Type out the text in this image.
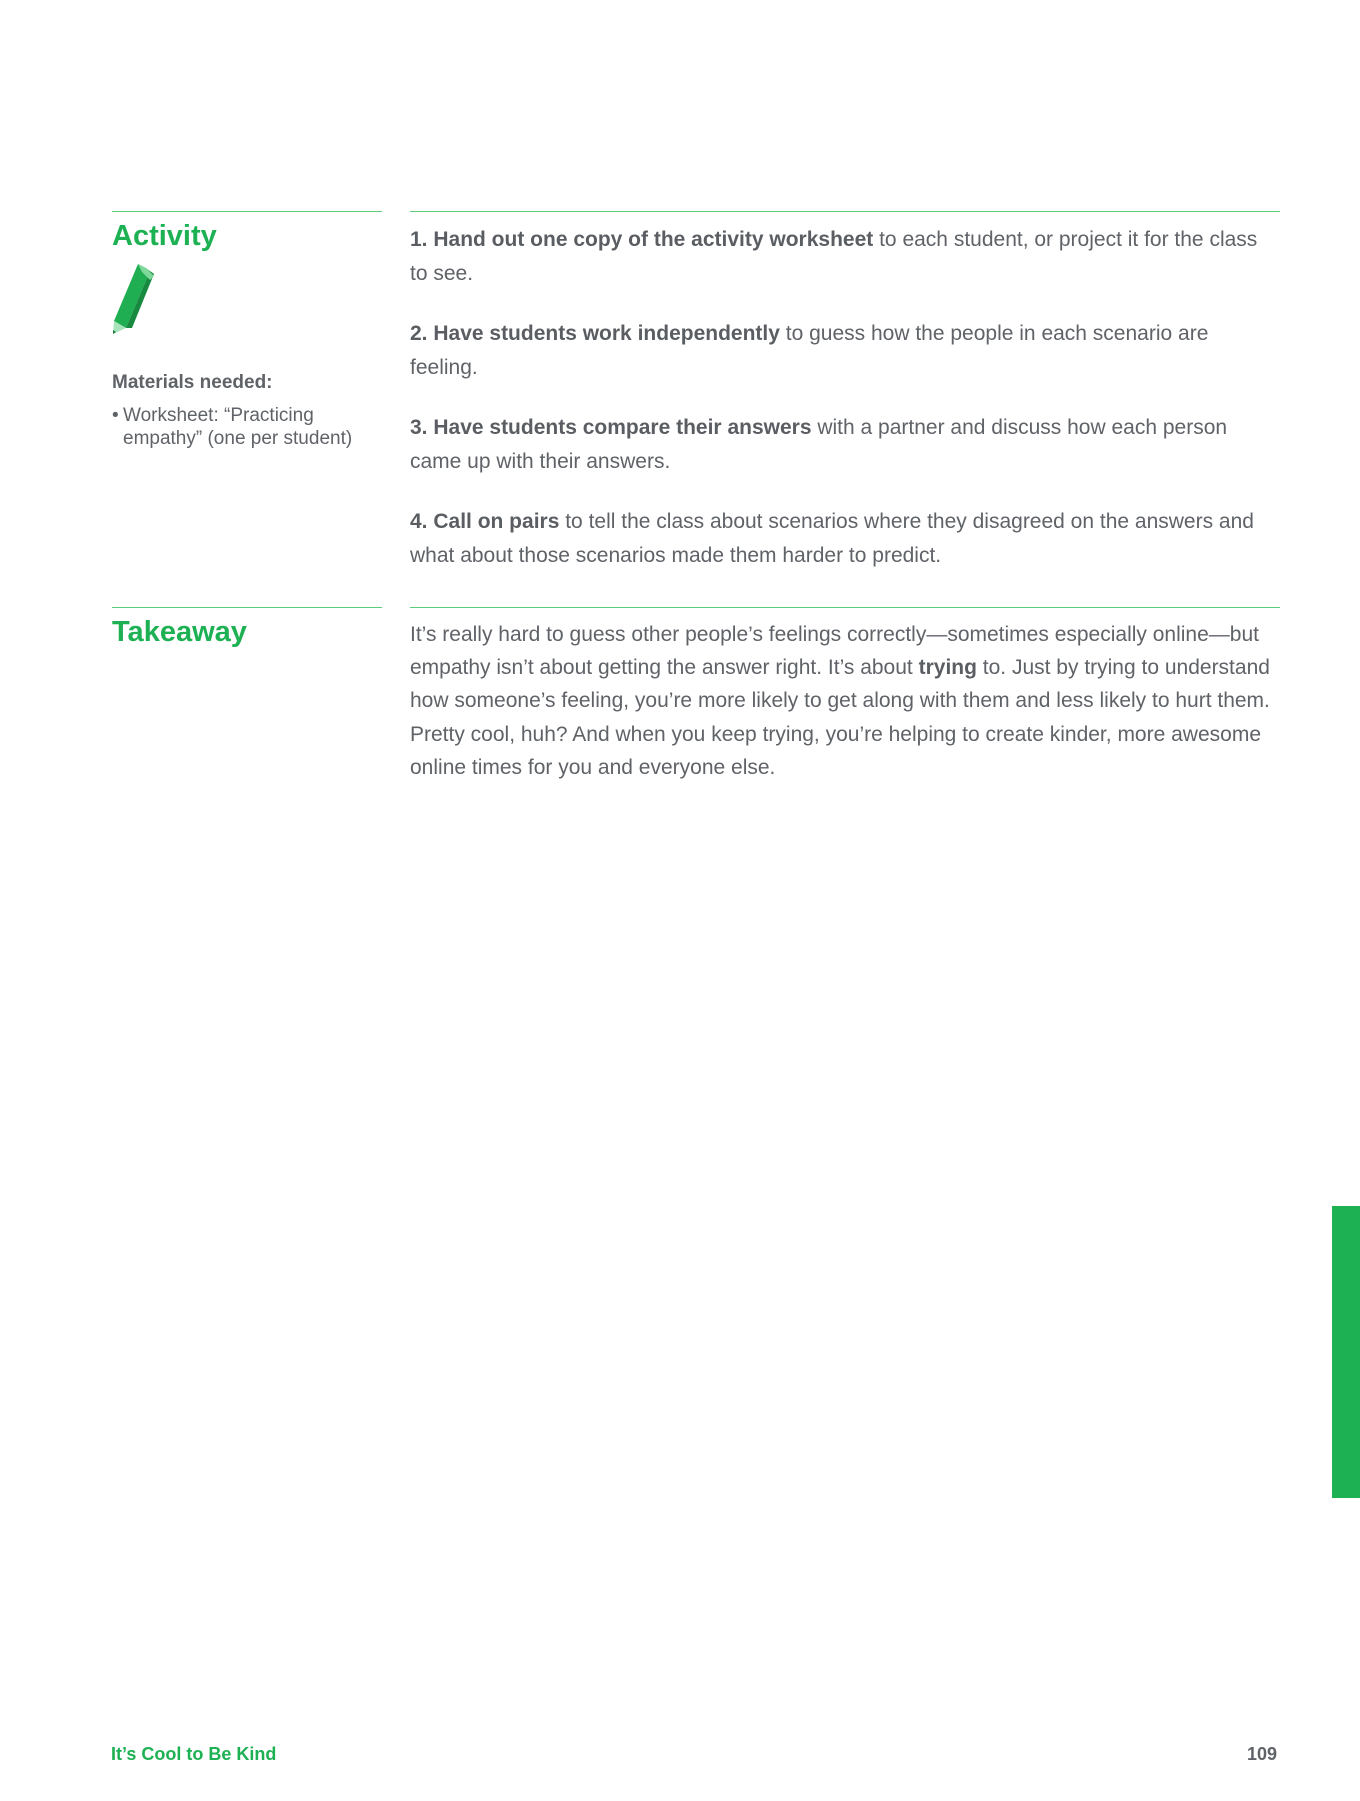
Activity

Materials needed:

• Worksheet: “Practicing empathy” (one per student)
1. Hand out one copy of the activity worksheet to each student, or project it for the class to see.
2. Have students work independently to guess how the people in each scenario are feeling.
3. Have students compare their answers with a partner and discuss how each person came up with their answers.
4. Call on pairs to tell the class about scenarios where they disagreed on the answers and what about those scenarios made them harder to predict.
Takeaway	It’s really hard to guess other people’s feelings correctly—sometimes especially online—but empathy isn’t about getting the answer right. It’s about trying to. Just by trying to understand how someone’s feeling, you’re more likely to get along with them and less likely to hurt them. Pretty cool, huh? And when you keep trying, you’re helping to create kinder, more awesome online times for you and everyone else.

It’s Cool to Be Kind	109
